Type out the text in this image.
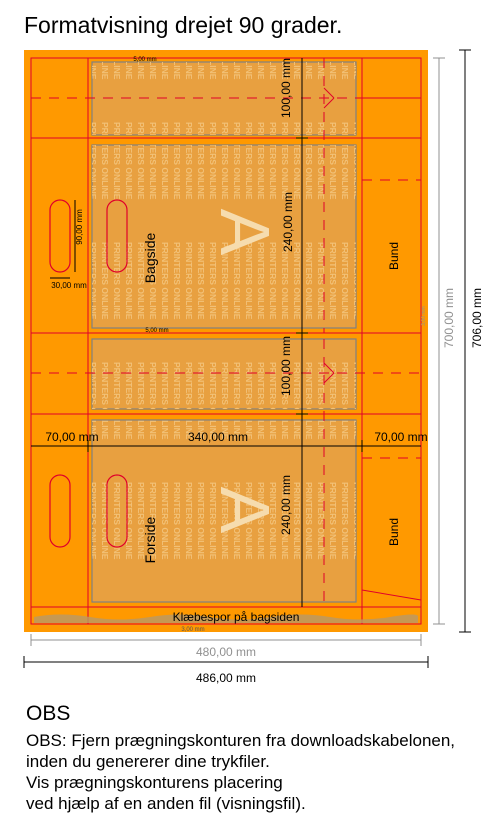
Formatvisning drejet 90 grader.
A
A
Klæbespor på bagsiden
Bagside
Forside
Bund
Bund
100,00 mm
240,00 mm
100,00 mm
240,00 mm
70,00 mm	340,00 mm	70,00 mm
90,00 mm
30,00 mm
5,00 mm
5,00 mm
3,00 mm
3,00 mm
700,00 mm 706,00 mm
480,00 mm
486,00 mm
OBS
OBS: Fjern prægningskonturen fra downloadskabelonen,
inden du genererer dine trykfiler.
Vis prægningskonturens placering
ved hjælp af en anden fil (visningsfil).
